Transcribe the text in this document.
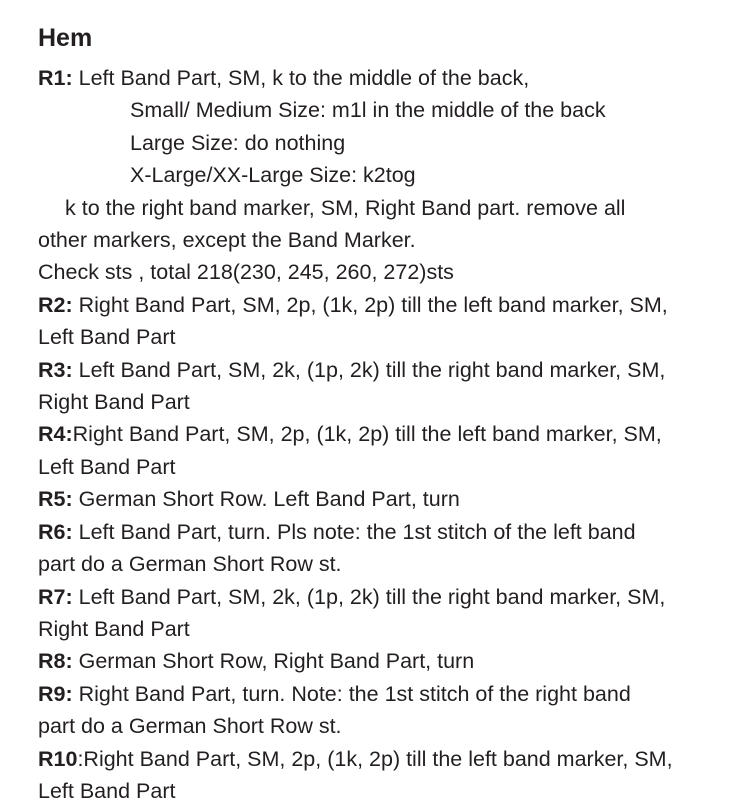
Hem
R1: Left Band Part, SM, k to the middle of the back,
Small/ Medium Size: m1l in the middle of the back
Large Size: do nothing
X-Large/XX-Large Size: k2tog
k to the right band marker, SM, Right Band part. remove all
other markers, except the Band Marker.
Check sts , total 218(230, 245, 260, 272)sts
R2: Right Band Part, SM, 2p, (1k, 2p) till the left band marker, SM,
Left Band Part
R3: Left Band Part, SM, 2k, (1p, 2k) till the right band marker, SM,
Right Band Part
R4:Right Band Part, SM, 2p, (1k, 2p) till the left band marker, SM,
Left Band Part
R5: German Short Row. Left Band Part, turn
R6: Left Band Part, turn. Pls note: the 1st stitch of the left band
part do a German Short Row st.
R7: Left Band Part, SM, 2k, (1p, 2k) till the right band marker, SM,
Right Band Part
R8: German Short Row, Right Band Part, turn
R9: Right Band Part, turn. Note: the 1st stitch of the right band
part do a German Short Row st.
R10:Right Band Part, SM, 2p, (1k, 2p) till the left band marker, SM,
Left Band Part
